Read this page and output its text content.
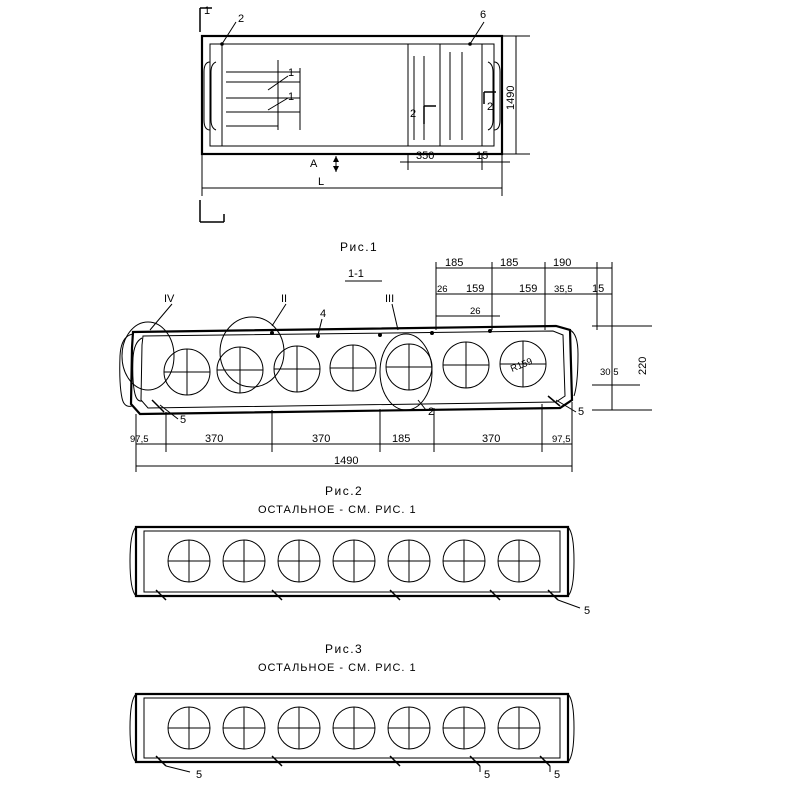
1
2	6
1
1
2
2 1490
350	15
A
L
Рис.1
1-1
R159
IV	II	III
4
2
5
5
185	185	190
26 159	159 35,5 15
26
30,5 220
97,5	370	370	185	370	97,5
1490
Рис.2
ОСТАЛЬНОЕ - СМ. РИС. 1
5
Рис.3
ОСТАЛЬНОЕ - СМ. РИС. 1
5	5	5
